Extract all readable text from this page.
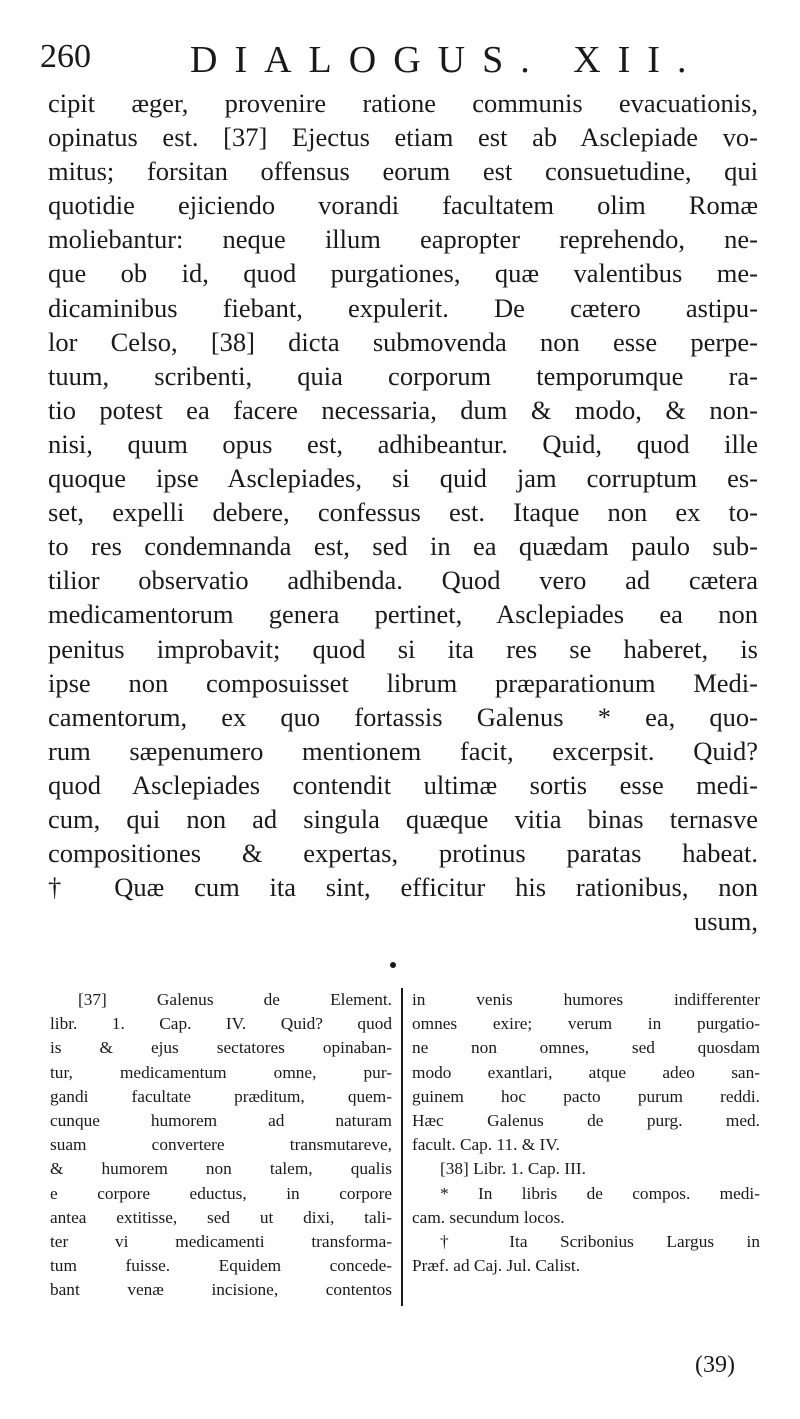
260	DIALOGUS. XII.
cipit æger, provenire ratione communis evacuationis,
opinatus est. [37] Ejectus etiam est ab Asclepiade vo-
mitus; forsitan offensus eorum est consuetudine, qui
quotidie ejiciendo vorandi facultatem olim Romæ
moliebantur: neque illum eapropter reprehendo, ne-
que ob id, quod purgationes, quæ valentibus me-
dicaminibus fiebant, expulerit. De cætero astipu-
lor Celso, [38] dicta submovenda non esse perpe-
tuum, scribenti, quia corporum temporumque ra-
tio potest ea facere necessaria, dum & modo, & non-
nisi, quum opus est, adhibeantur. Quid, quod ille
quoque ipse Asclepiades, si quid jam corruptum es-
set, expelli debere, confessus est. Itaque non ex to-
to res condemnanda est, sed in ea quædam paulo sub-
tilior observatio adhibenda. Quod vero ad cætera
medicamentorum genera pertinet, Asclepiades ea non
penitus improbavit; quod si ita res se haberet, is
ipse non composuisset librum præparationum Medi-
camentorum, ex quo fortassis Galenus * ea, quo-
rum sæpenumero mentionem facit, excerpsit. Quid?
quod Asclepiades contendit ultimæ sortis esse medi-
cum, qui non ad singula quæque vitia binas ternasve
compositiones & expertas, protinus paratas habeat.
† Quæ cum ita sint, efficitur his rationibus, non
usum,
[37] Galenus de Element.
libr. 1. Cap. IV. Quid? quod
is & ejus sectatores opinaban-
tur, medicamentum omne, pur-
gandi facultate præditum, quem-
cunque humorem ad naturam
suam convertere transmutareve,
& humorem non talem, qualis
e corpore eductus, in corpore
antea extitisse, sed ut dixi, tali-
ter vi medicamenti transforma-
tum fuisse. Equidem concede-
bant venæ incisione, contentos
in venis humores indifferenter
omnes exire; verum in purgatio-
ne non omnes, sed quosdam
modo exantlari, atque adeo san-
guinem hoc pacto purum reddi.
Hæc Galenus de purg. med.
facult. Cap. 11. & IV.
[38] Libr. 1. Cap. III.
* In libris de compos. medi-
cam. secundum locos.
† Ita Scribonius Largus in
Præf. ad Caj. Jul. Calist.
(39)
